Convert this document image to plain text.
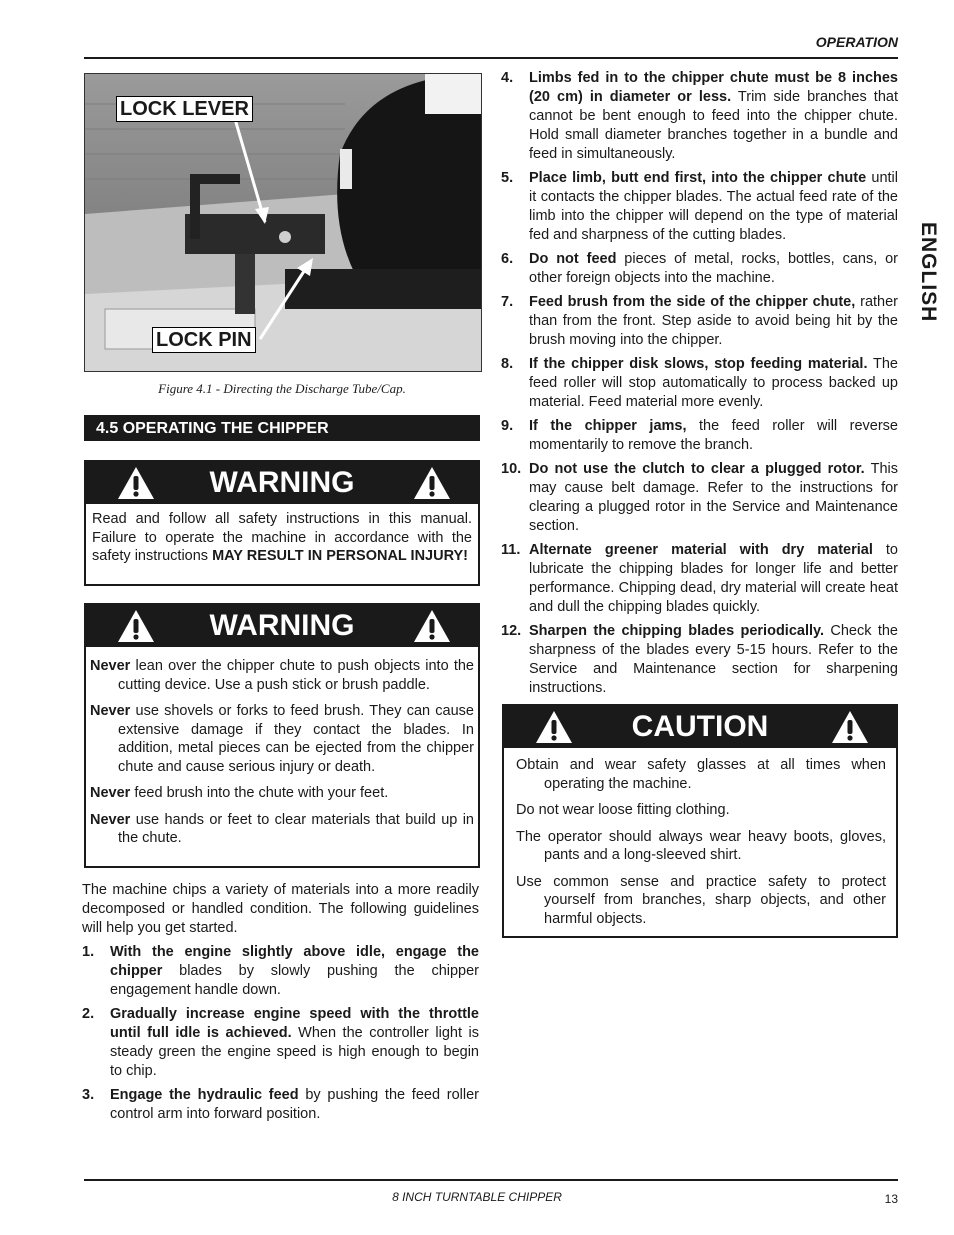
OPERATION
ENGLISH
LOCK LEVER
LOCK PIN
Figure 4.1 - Directing the Discharge Tube/Cap.
4.5 OPERATING THE CHIPPER
WARNING
Read and follow all safety instructions in this manual. Failure to operate the machine in accordance with the safety instructions MAY RESULT IN PERSONAL INJURY!
WARNING

Never lean over the chipper chute to push objects into the cutting device. Use a push stick or brush paddle.

Never use shovels or forks to feed brush. They can cause extensive damage if they contact the blades. In addition, metal pieces can be ejected from the chipper chute and cause serious injury or death.

Never feed brush into the chute with your feet.

Never use hands or feet to clear materials that build up in the chute.

The machine chips a variety of materials into a more readily decomposed or handled condition. The following guidelines will help you get started.
1. With the engine slightly above idle, engage the chipper blades by slowly pushing the chipper engagement handle down.
2. Gradually increase engine speed with the throttle until full idle is achieved. When the controller light is steady green the engine speed is high enough to begin to chip.
3. Engage the hydraulic feed by pushing the feed roller control arm into forward position.
4. Limbs fed in to the chipper chute must be 8 inches (20 cm) in diameter or less. Trim side branches that cannot be bent enough to feed into the chipper chute. Hold small diameter branches together in a bundle and feed in simultaneously.
5. Place limb, butt end first, into the chipper chute until it contacts the chipper blades. The actual feed rate of the limb into the chipper will depend on the type of material fed and sharpness of the cutting blades.
6. Do not feed pieces of metal, rocks, bottles, cans, or other foreign objects into the machine.
7. Feed brush from the side of the chipper chute, rather than from the front. Step aside to avoid being hit by the brush moving into the chipper.
8. If the chipper disk slows, stop feeding material. The feed roller will stop automatically to process backed up material. Feed material more evenly.
9. If the chipper jams, the feed roller will reverse momentarily to remove the branch.
10. Do not use the clutch to clear a plugged rotor. This may cause belt damage. Refer to the instructions for clearing a plugged rotor in the Service and Maintenance section.
11. Alternate greener material with dry material to lubricate the chipping blades for longer life and better performance. Chipping dead, dry material will create heat and dull the chipping blades quickly.
12. Sharpen the chipping blades periodically. Check the sharpness of the blades every 5-15 hours. Refer to the Service and Maintenance section for sharpening instructions.
CAUTION

Obtain and wear safety glasses at all times when operating the machine.

Do not wear loose fitting clothing.

The operator should always wear heavy boots, gloves, pants and a long-sleeved shirt.

Use common sense and practice safety to protect yourself from branches, sharp objects, and other harmful objects.

8 INCH TURNTABLE CHIPPER	13
